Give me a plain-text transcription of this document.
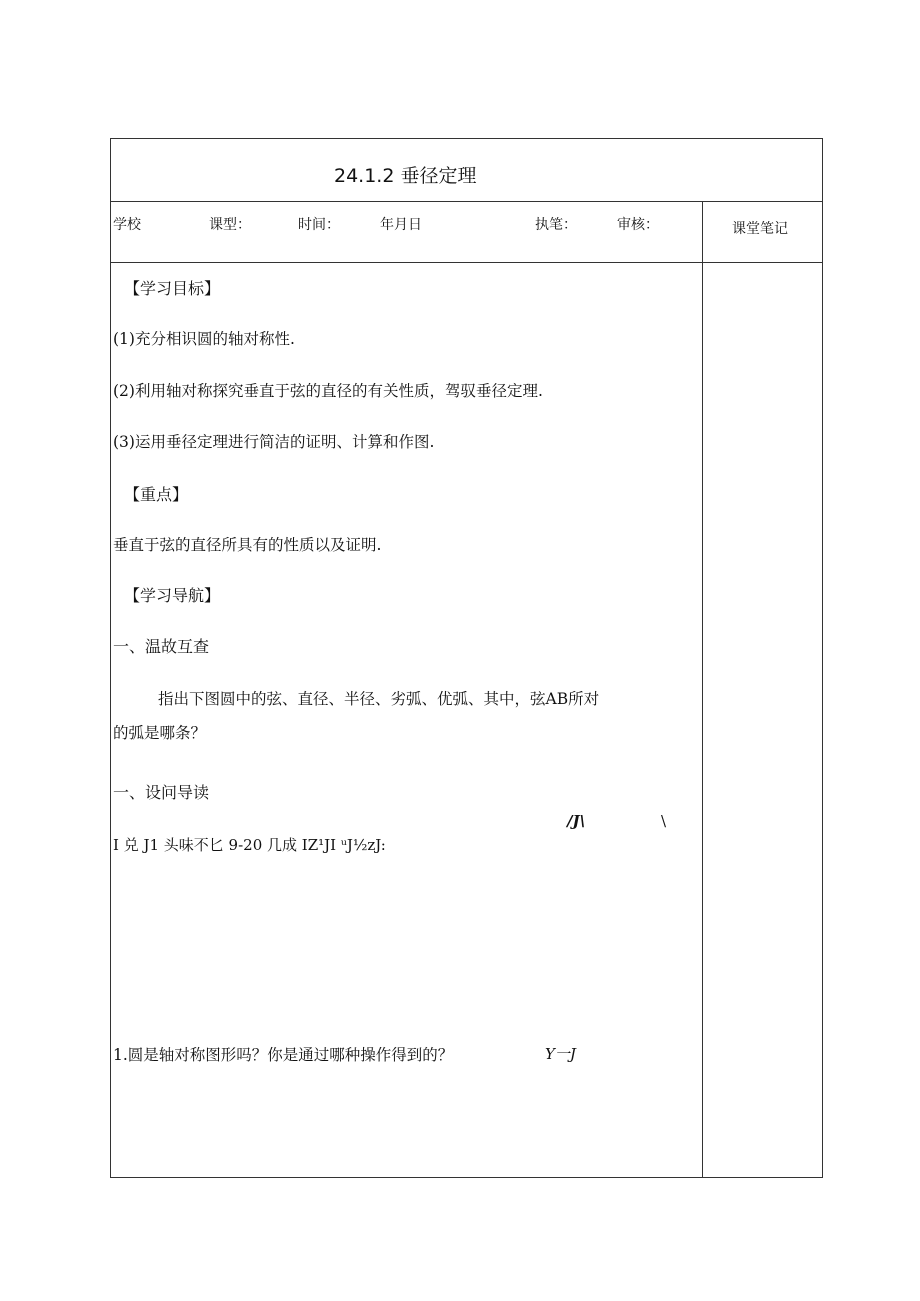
24.1.2 垂径定理
学校	课型：	时间：	年月日	执笔：	审核：	课堂笔记
【学习目标】
(1)充分相识圆的轴对称性.
(2)利用轴对称探究垂直于弦的直径的有关性质，驾驭垂径定理.
(3)运用垂径定理进行简洁的证明、计算和作图.
【重点】
垂直于弦的直径所具有的性质以及证明.
【学习导航】
一、温故互查
指出下图圆中的弦、直径、半径、劣弧、优弧、其中，弦AB所对
的弧是哪条？
一、设问导读
/J\	\
I 兑 J1 头味不匕 9-20 几成 IZ¹JI ᵘJ½zJ:
1.圆是轴对称图形吗？你是通过哪种操作得到的？	Y一J
